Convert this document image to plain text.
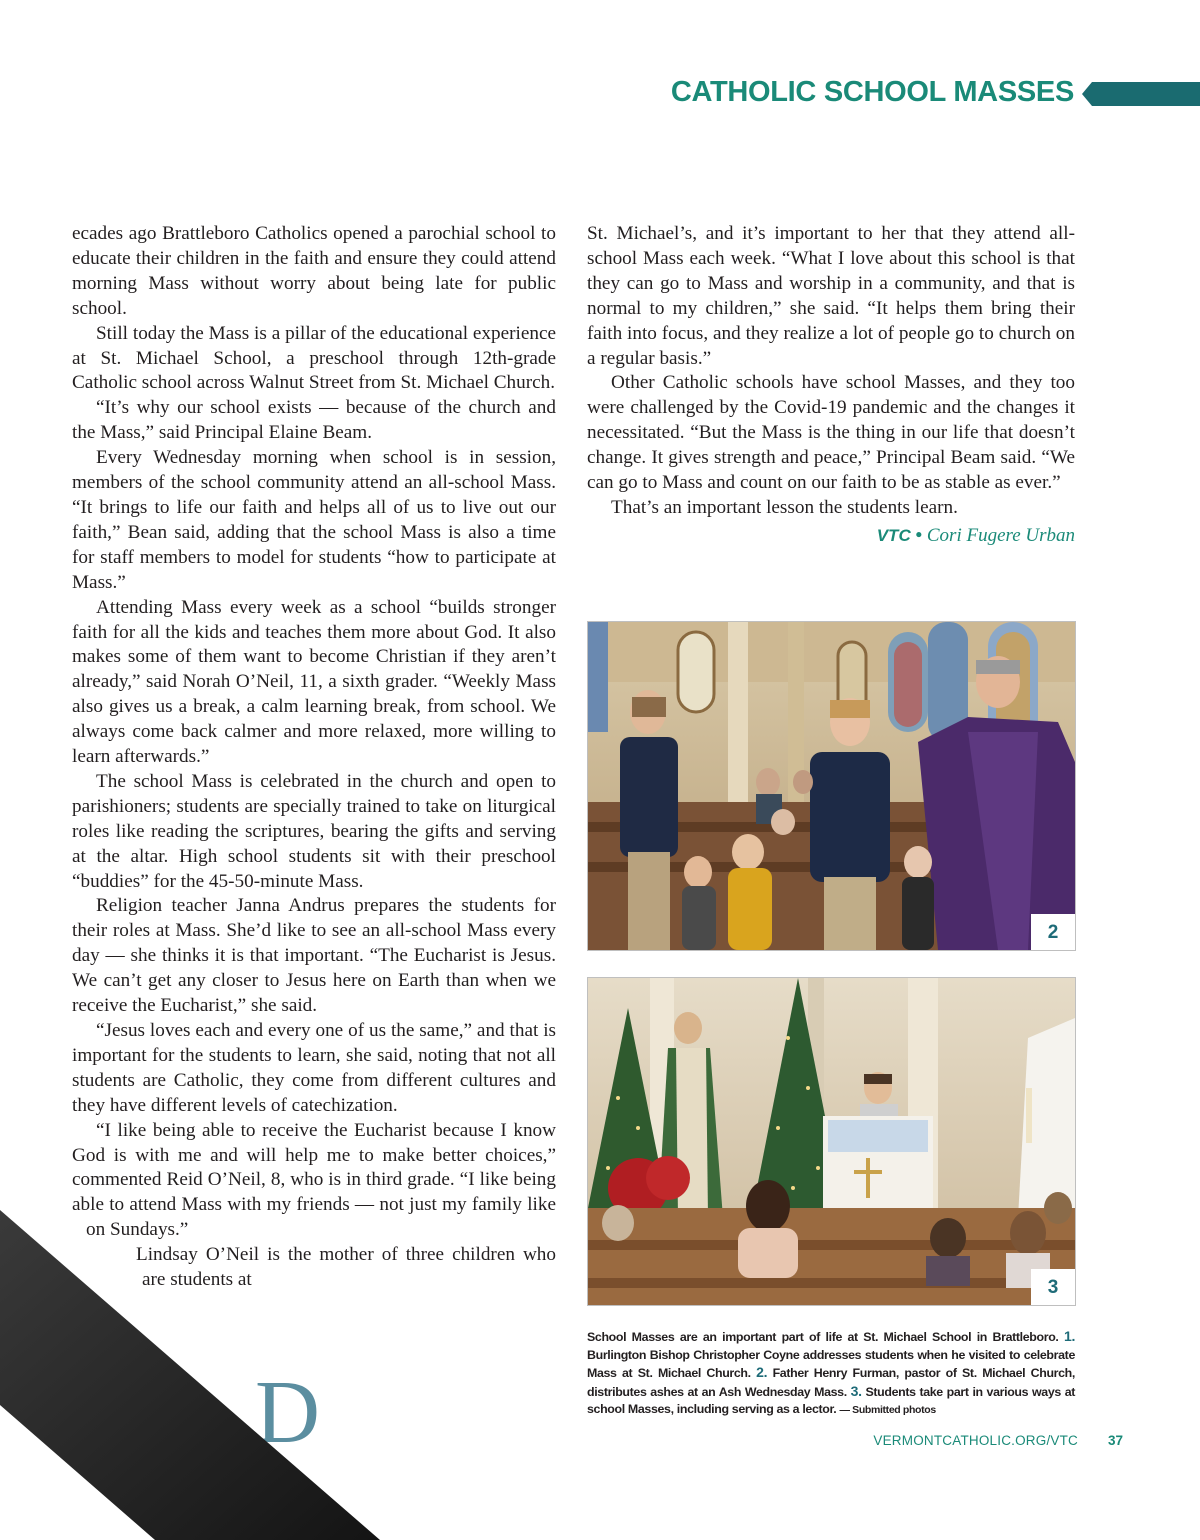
CATHOLIC SCHOOL MASSES
D

ecades ago Brattleboro Catholics opened a parochial school to educate their children in the faith and ensure they could attend morning Mass without worry about being late for public school.

Still today the Mass is a pillar of the educational experience at St. Michael School, a preschool through 12th-grade Catholic school across Walnut Street from St. Michael Church.

“It’s why our school exists — because of the church and the Mass,” said Principal Elaine Beam.

Every Wednesday morning when school is in session, members of the school community attend an all-school Mass. “It brings to life our faith and helps all of us to live out our faith,” Bean said, adding that the school Mass is also a time for staff members to model for students “how to participate at Mass.”

Attending Mass every week as a school “builds stronger faith for all the kids and teaches them more about God. It also makes some of them want to become Christian if they aren’t already,” said Norah O’Neil, 11, a sixth grader. “Weekly Mass also gives us a break, a calm learning break, from school. We always come back calmer and more relaxed, more willing to learn afterwards.”

The school Mass is celebrated in the church and open to parishioners; students are specially trained to take on liturgical roles like reading the scriptures, bearing the gifts and serving at the altar. High school students sit with their preschool “buddies” for the 45-50-minute Mass.

Religion teacher Janna Andrus prepares the students for their roles at Mass. She’d like to see an all-school Mass every day — she thinks it is that important. “The Eucharist is Jesus. We can’t get any closer to Jesus here on Earth than when we receive the Eucharist,” she said.

“Jesus loves each and every one of us the same,” and that is important for the students to learn, she said, noting that not all students are Catholic, they come from different cultures and they have different levels of catechization.

“I like being able to receive the Eucharist because I know God is with me and will help me to make better choices,” commented Reid O’Neil, 8, who is in third grade. “I like being able to attend Mass with my friends — not just my family like on Sundays.”

Lindsay O’Neil is the mother of three children who are students at

St. Michael’s, and it’s important to her that they attend all-school Mass each week. “What I love about this school is that they can go to Mass and worship in a community, and that is normal to my children,” she said. “It helps them bring their faith into focus, and they realize a lot of people go to church on a regular basis.”

Other Catholic schools have school Masses, and they too were challenged by the Covid-19 pandemic and the changes it necessitated. “But the Mass is the thing in our life that doesn’t change. It gives strength and peace,” Principal Beam said. “We can go to Mass and count on our faith to be as stable as ever.”

That’s an important lesson the students learn.

VTC • Cori Fugere Urban
2
3
School Masses are an important part of life at St. Michael School in Brattleboro. 1. Burlington Bishop Christopher Coyne addresses students when he visited to celebrate Mass at St. Michael Church. 2. Father Henry Furman, pastor of St. Michael Church, distributes ashes at an Ash Wednesday Mass. 3. Students take part in various ways at school Masses, including serving as a lector. — Submitted photos
VERMONTCATHOLIC.ORG/VTC 37
